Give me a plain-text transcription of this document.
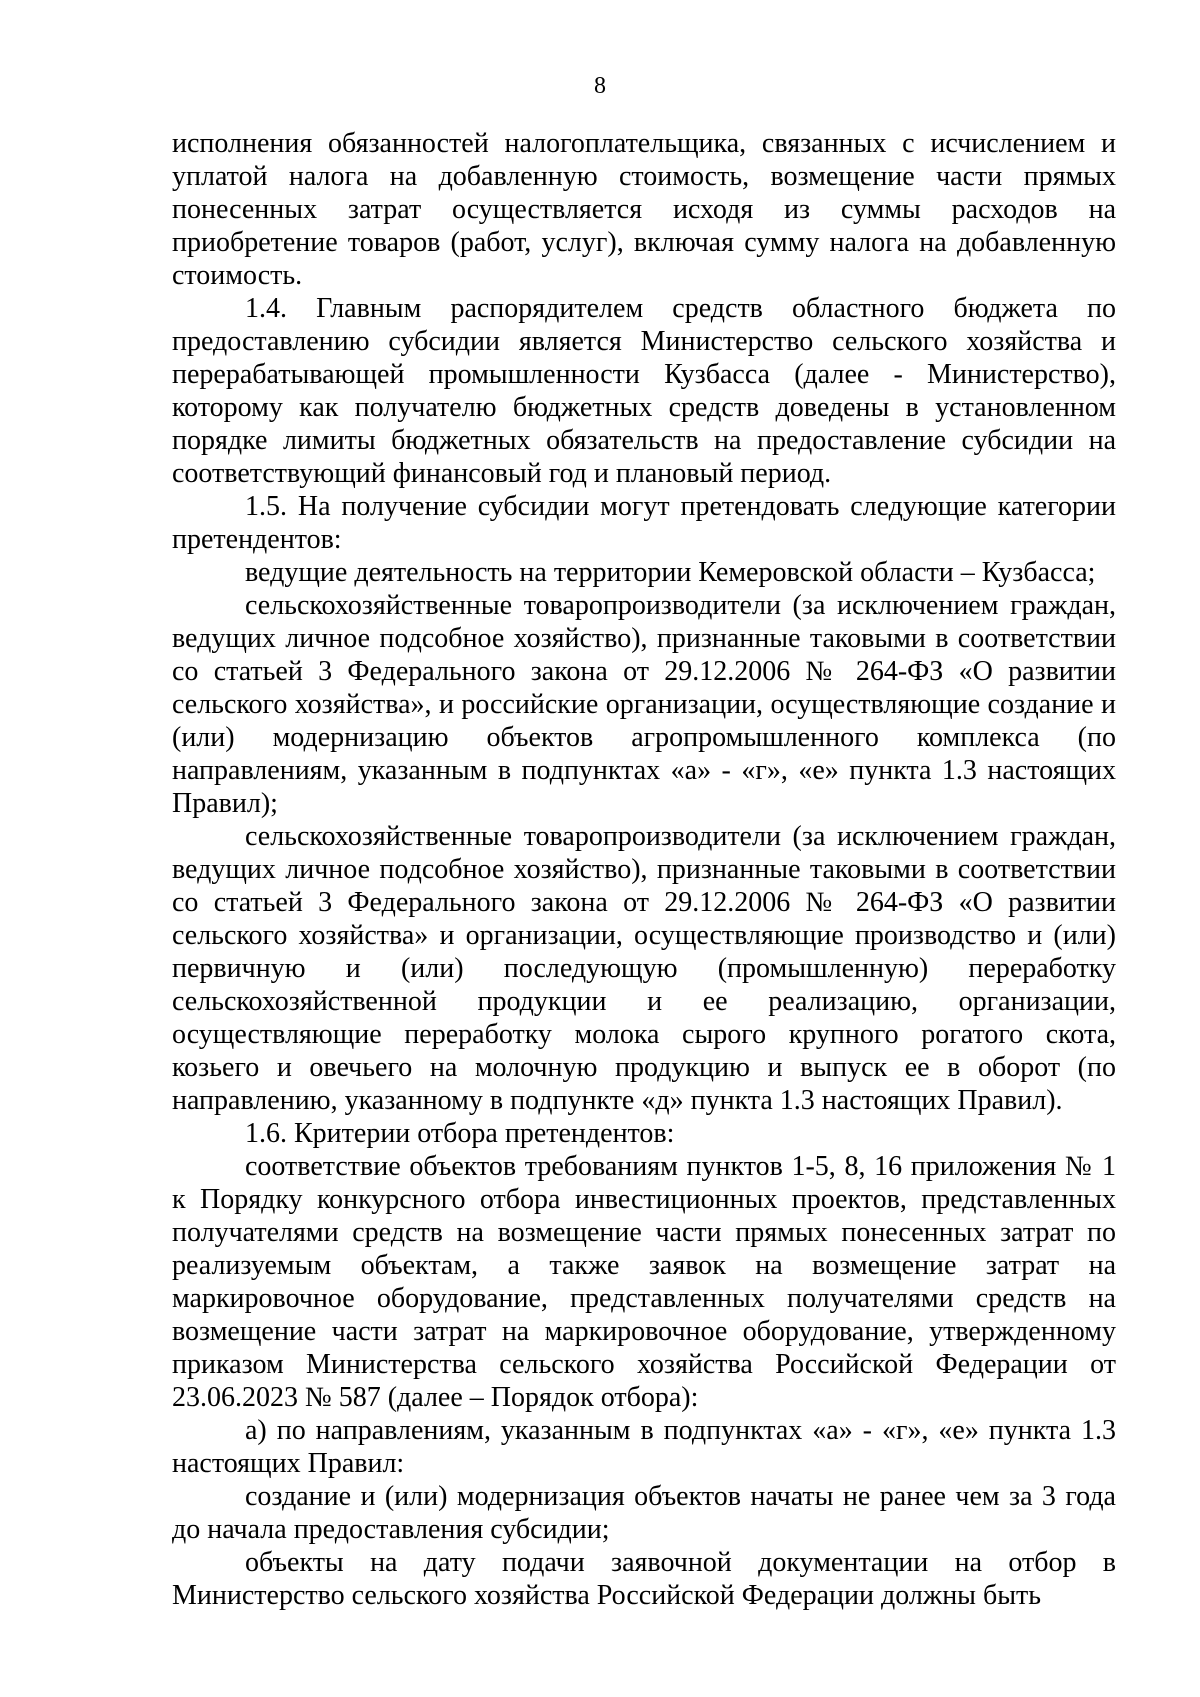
8

исполнения обязанностей налогоплательщика, связанных с исчислением и уплатой налога на добавленную стоимость, возмещение части прямых понесенных затрат осуществляется исходя из суммы расходов на приобретение товаров (работ, услуг), включая сумму налога на добавленную стоимость.

1.4. Главным распорядителем средств областного бюджета по предоставлению субсидии является Министерство сельского хозяйства и перерабатывающей промышленности Кузбасса (далее - Министерство), которому как получателю бюджетных средств доведены в установленном порядке лимиты бюджетных обязательств на предоставление субсидии на соответствующий финансовый год и плановый период.

1.5. На получение субсидии могут претендовать следующие категории претендентов:

ведущие деятельность на территории Кемеровской области – Кузбасса;

сельскохозяйственные товаропроизводители (за исключением граждан, ведущих личное подсобное хозяйство), признанные таковыми в соответствии со статьей 3 Федерального закона от 29.12.2006 № 264-ФЗ «О развитии сельского хозяйства», и российские организации, осуществляющие создание и (или) модернизацию объектов агропромышленного комплекса (по направлениям, указанным в подпунктах «а» - «г», «е» пункта 1.3 настоящих Правил);

сельскохозяйственные товаропроизводители (за исключением граждан, ведущих личное подсобное хозяйство), признанные таковыми в соответствии со статьей 3 Федерального закона от 29.12.2006 № 264-ФЗ «О развитии сельского хозяйства» и организации, осуществляющие производство и (или) первичную и (или) последующую (промышленную) переработку сельскохозяйственной продукции и ее реализацию, организации, осуществляющие переработку молока сырого крупного рогатого скота, козьего и овечьего на молочную продукцию и выпуск ее в оборот (по направлению, указанному в подпункте «д» пункта 1.3 настоящих Правил).

1.6. Критерии отбора претендентов:

соответствие объектов требованиям пунктов 1-5, 8, 16 приложения № 1 к Порядку конкурсного отбора инвестиционных проектов, представленных получателями средств на возмещение части прямых понесенных затрат по реализуемым объектам, а также заявок на возмещение затрат на маркировочное оборудование, представленных получателями средств на возмещение части затрат на маркировочное оборудование, утвержденному приказом Министерства сельского хозяйства Российской Федерации от 23.06.2023 № 587 (далее – Порядок отбора):

а) по направлениям, указанным в подпунктах «а» - «г», «е» пункта 1.3 настоящих Правил:

создание и (или) модернизация объектов начаты не ранее чем за 3 года до начала предоставления субсидии;

объекты на дату подачи заявочной документации на отбор в Министерство сельского хозяйства Российской Федерации должны быть
